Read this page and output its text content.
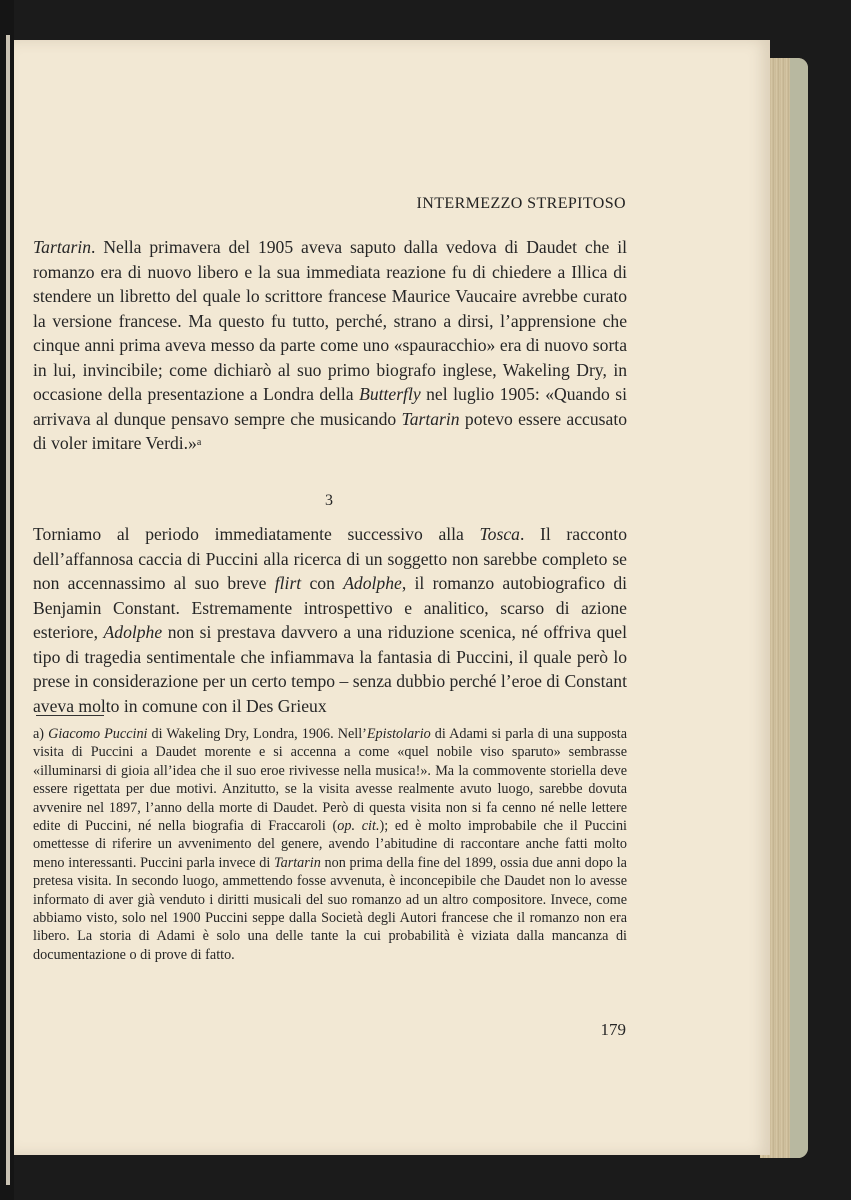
INTERMEZZO STREPITOSO

Tartarin. Nella primavera del 1905 aveva saputo dalla vedova di Daudet che il romanzo era di nuovo libero e la sua immediata reazione fu di chiedere a Illica di stendere un libretto del quale lo scrittore francese Maurice Vaucaire avrebbe curato la versione francese. Ma questo fu tutto, perché, strano a dirsi, l’apprensione che cinque anni prima aveva messo da parte come uno «spauracchio» era di nuovo sorta in lui, invincibile; come dichiarò al suo primo biografo inglese, Wakeling Dry, in occasione della presentazione a Londra della Butterfly nel luglio 1905: «Quando si arrivava al dunque pensavo sempre che musicando Tartarin potevo essere accusato di voler imitare Verdi.»$^a$

3

Torniamo al periodo immediatamente successivo alla Tosca. Il racconto dell’affannosa caccia di Puccini alla ricerca di un soggetto non sarebbe completo se non accennassimo al suo breve flirt con Adolphe, il romanzo autobiografico di Benjamin Constant. Estremamente introspettivo e analitico, scarso di azione esteriore, Adolphe non si prestava davvero a una riduzione scenica, né offriva quel tipo di tragedia sentimentale che infiammava la fantasia di Puccini, il quale però lo prese in considerazione per un certo tempo – senza dubbio perché l’eroe di Constant aveva molto in comune con il Des Grieux

a) Giacomo Puccini di Wakeling Dry, Londra, 1906. Nell’Epistolario di Adami si parla di una supposta visita di Puccini a Daudet morente e si accenna a come «quel nobile viso sparuto» sembrasse «illuminarsi di gioia all’idea che il suo eroe rivivesse nella musica!». Ma la commovente storiella deve essere rigettata per due motivi. Anzitutto, se la visita avesse realmente avuto luogo, sarebbe dovuta avvenire nel 1897, l’anno della morte di Daudet. Però di questa visita non si fa cenno né nelle lettere edite di Puccini, né nella biografia di Fraccaroli (op. cit.); ed è molto improbabile che il Puccini omettesse di riferire un avvenimento del genere, avendo l’abitudine di raccontare anche fatti molto meno interessanti. Puccini parla invece di Tartarin non prima della fine del 1899, ossia due anni dopo la pretesa visita. In secondo luogo, ammettendo fosse avvenuta, è inconcepibile che Daudet non lo avesse informato di aver già venduto i diritti musicali del suo romanzo ad un altro compositore. Invece, come abbiamo visto, solo nel 1900 Puccini seppe dalla Società degli Autori francese che il romanzo non era libero. La storia di Adami è solo una delle tante la cui probabilità è viziata dalla mancanza di documentazione o di prove di fatto.

179
